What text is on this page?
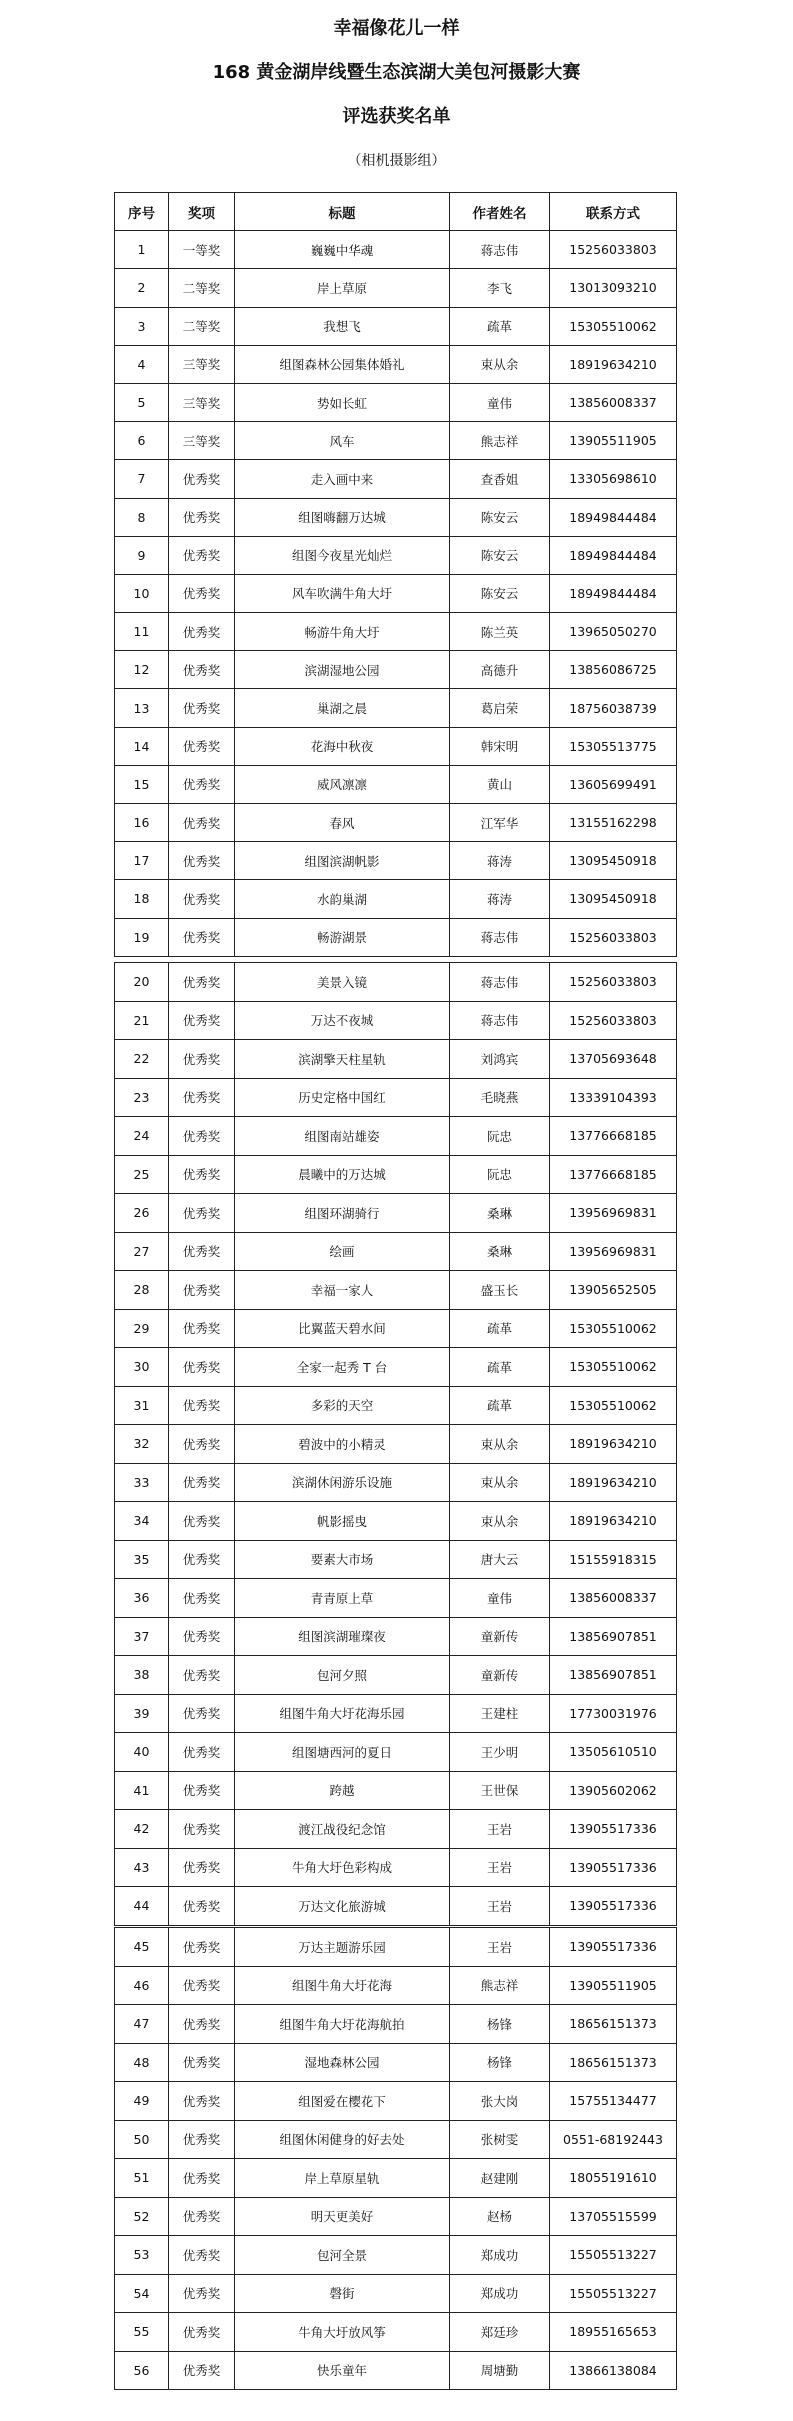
幸福像花儿一样
168 黄金湖岸线暨生态滨湖大美包河摄影大赛
评选获奖名单
（相机摄影组）
序号	奖项	标题	作者姓名	联系方式
1	一等奖	巍巍中华魂	蒋志伟	15256033803
2	二等奖	岸上草原	李飞	13013093210
3	二等奖	我想飞	疏革	15305510062
4	三等奖	组图森林公园集体婚礼	束从余	18919634210
5	三等奖	势如长虹	童伟	13856008337
6	三等奖	风车	熊志祥	13905511905
7	优秀奖	走入画中来	查香姐	13305698610
8	优秀奖	组图嗨翻万达城	陈安云	18949844484
9	优秀奖	组图今夜星光灿烂	陈安云	18949844484
10	优秀奖	风车吹满牛角大圩	陈安云	18949844484
11	优秀奖	畅游牛角大圩	陈兰英	13965050270
12	优秀奖	滨湖湿地公园	高德升	13856086725
13	优秀奖	巢湖之晨	葛启荣	18756038739
14	优秀奖	花海中秋夜	韩宋明	15305513775
15	优秀奖	威风凛凛	黄山	13605699491
16	优秀奖	春风	江军华	13155162298
17	优秀奖	组图滨湖帆影	蒋涛	13095450918
18	优秀奖	水韵巢湖	蒋涛	13095450918
19	优秀奖	畅游湖景	蒋志伟	15256033803
20	优秀奖	美景入镜	蒋志伟	15256033803
21	优秀奖	万达不夜城	蒋志伟	15256033803
22	优秀奖	滨湖擎天柱星轨	刘鸿宾	13705693648
23	优秀奖	历史定格中国红	毛晓燕	13339104393
24	优秀奖	组图南站雄姿	阮忠	13776668185
25	优秀奖	晨曦中的万达城	阮忠	13776668185
26	优秀奖	组图环湖骑行	桑琳	13956969831
27	优秀奖	绘画	桑琳	13956969831
28	优秀奖	幸福一家人	盛玉长	13905652505
29	优秀奖	比翼蓝天碧水间	疏革	15305510062
30	优秀奖	全家一起秀 T 台	疏革	15305510062
31	优秀奖	多彩的天空	疏革	15305510062
32	优秀奖	碧波中的小精灵	束从余	18919634210
33	优秀奖	滨湖休闲游乐设施	束从余	18919634210
34	优秀奖	帆影摇曳	束从余	18919634210
35	优秀奖	要素大市场	唐大云	15155918315
36	优秀奖	青青原上草	童伟	13856008337
37	优秀奖	组图滨湖璀璨夜	童新传	13856907851
38	优秀奖	包河夕照	童新传	13856907851
39	优秀奖	组图牛角大圩花海乐园	王建柱	17730031976
40	优秀奖	组图塘西河的夏日	王少明	13505610510
41	优秀奖	跨越	王世保	13905602062
42	优秀奖	渡江战役纪念馆	王岩	13905517336
43	优秀奖	牛角大圩色彩构成	王岩	13905517336
44	优秀奖	万达文化旅游城	王岩	13905517336
45	优秀奖	万达主题游乐园	王岩	13905517336
46	优秀奖	组图牛角大圩花海	熊志祥	13905511905
47	优秀奖	组图牛角大圩花海航拍	杨锋	18656151373
48	优秀奖	湿地森林公园	杨锋	18656151373
49	优秀奖	组图爱在樱花下	张大岗	15755134477
50	优秀奖	组图休闲健身的好去处	张树雯	0551-68192443
51	优秀奖	岸上草原星轨	赵建刚	18055191610
52	优秀奖	明天更美好	赵杨	13705515599
53	优秀奖	包河全景	郑成功	15505513227
54	优秀奖	磬街	郑成功	15505513227
55	优秀奖	牛角大圩放风筝	郑廷珍	18955165653
56	优秀奖	快乐童年	周塘勤	13866138084
